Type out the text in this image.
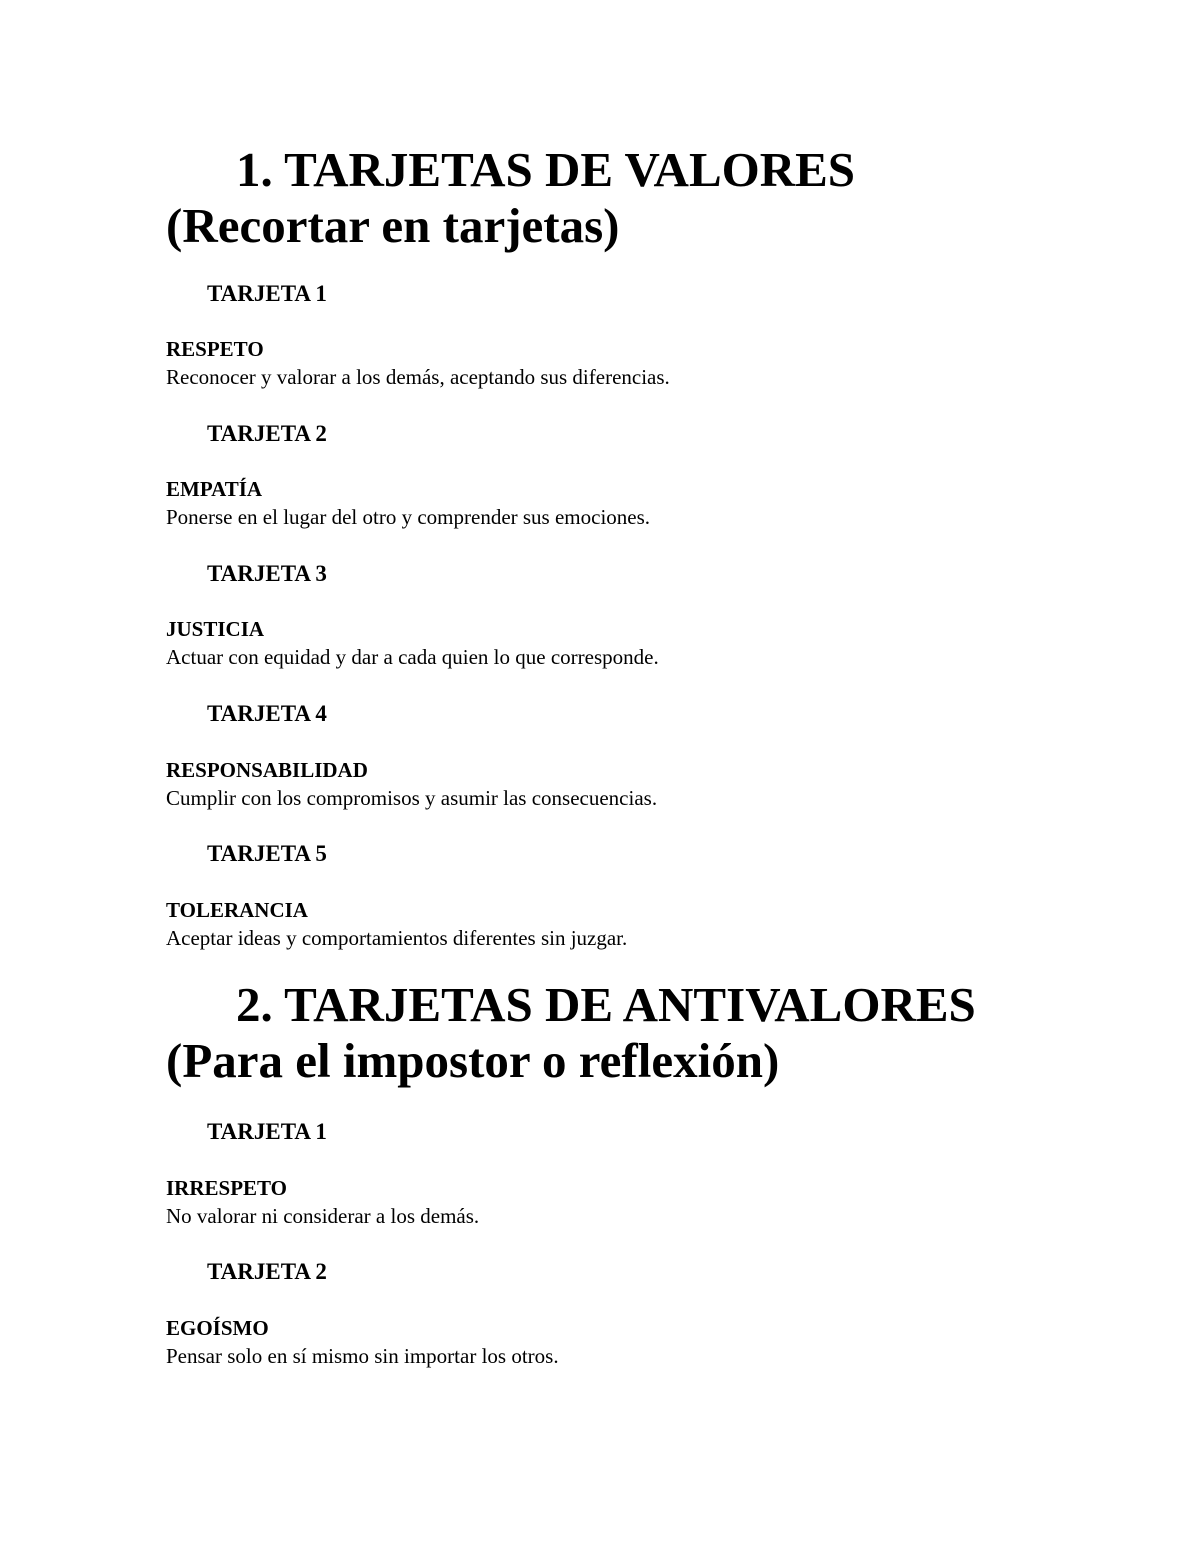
1. TARJETAS DE VALORES
(Recortar en tarjetas)
TARJETA 1
RESPETO
Reconocer y valorar a los demás, aceptando sus diferencias.
TARJETA 2
EMPATÍA
Ponerse en el lugar del otro y comprender sus emociones.
TARJETA 3
JUSTICIA
Actuar con equidad y dar a cada quien lo que corresponde.
TARJETA 4
RESPONSABILIDAD
Cumplir con los compromisos y asumir las consecuencias.
TARJETA 5
TOLERANCIA
Aceptar ideas y comportamientos diferentes sin juzgar.
2. TARJETAS DE ANTIVALORES
(Para el impostor o reflexión)
TARJETA 1
IRRESPETO
No valorar ni considerar a los demás.
TARJETA 2
EGOÍSMO
Pensar solo en sí mismo sin importar los otros.
